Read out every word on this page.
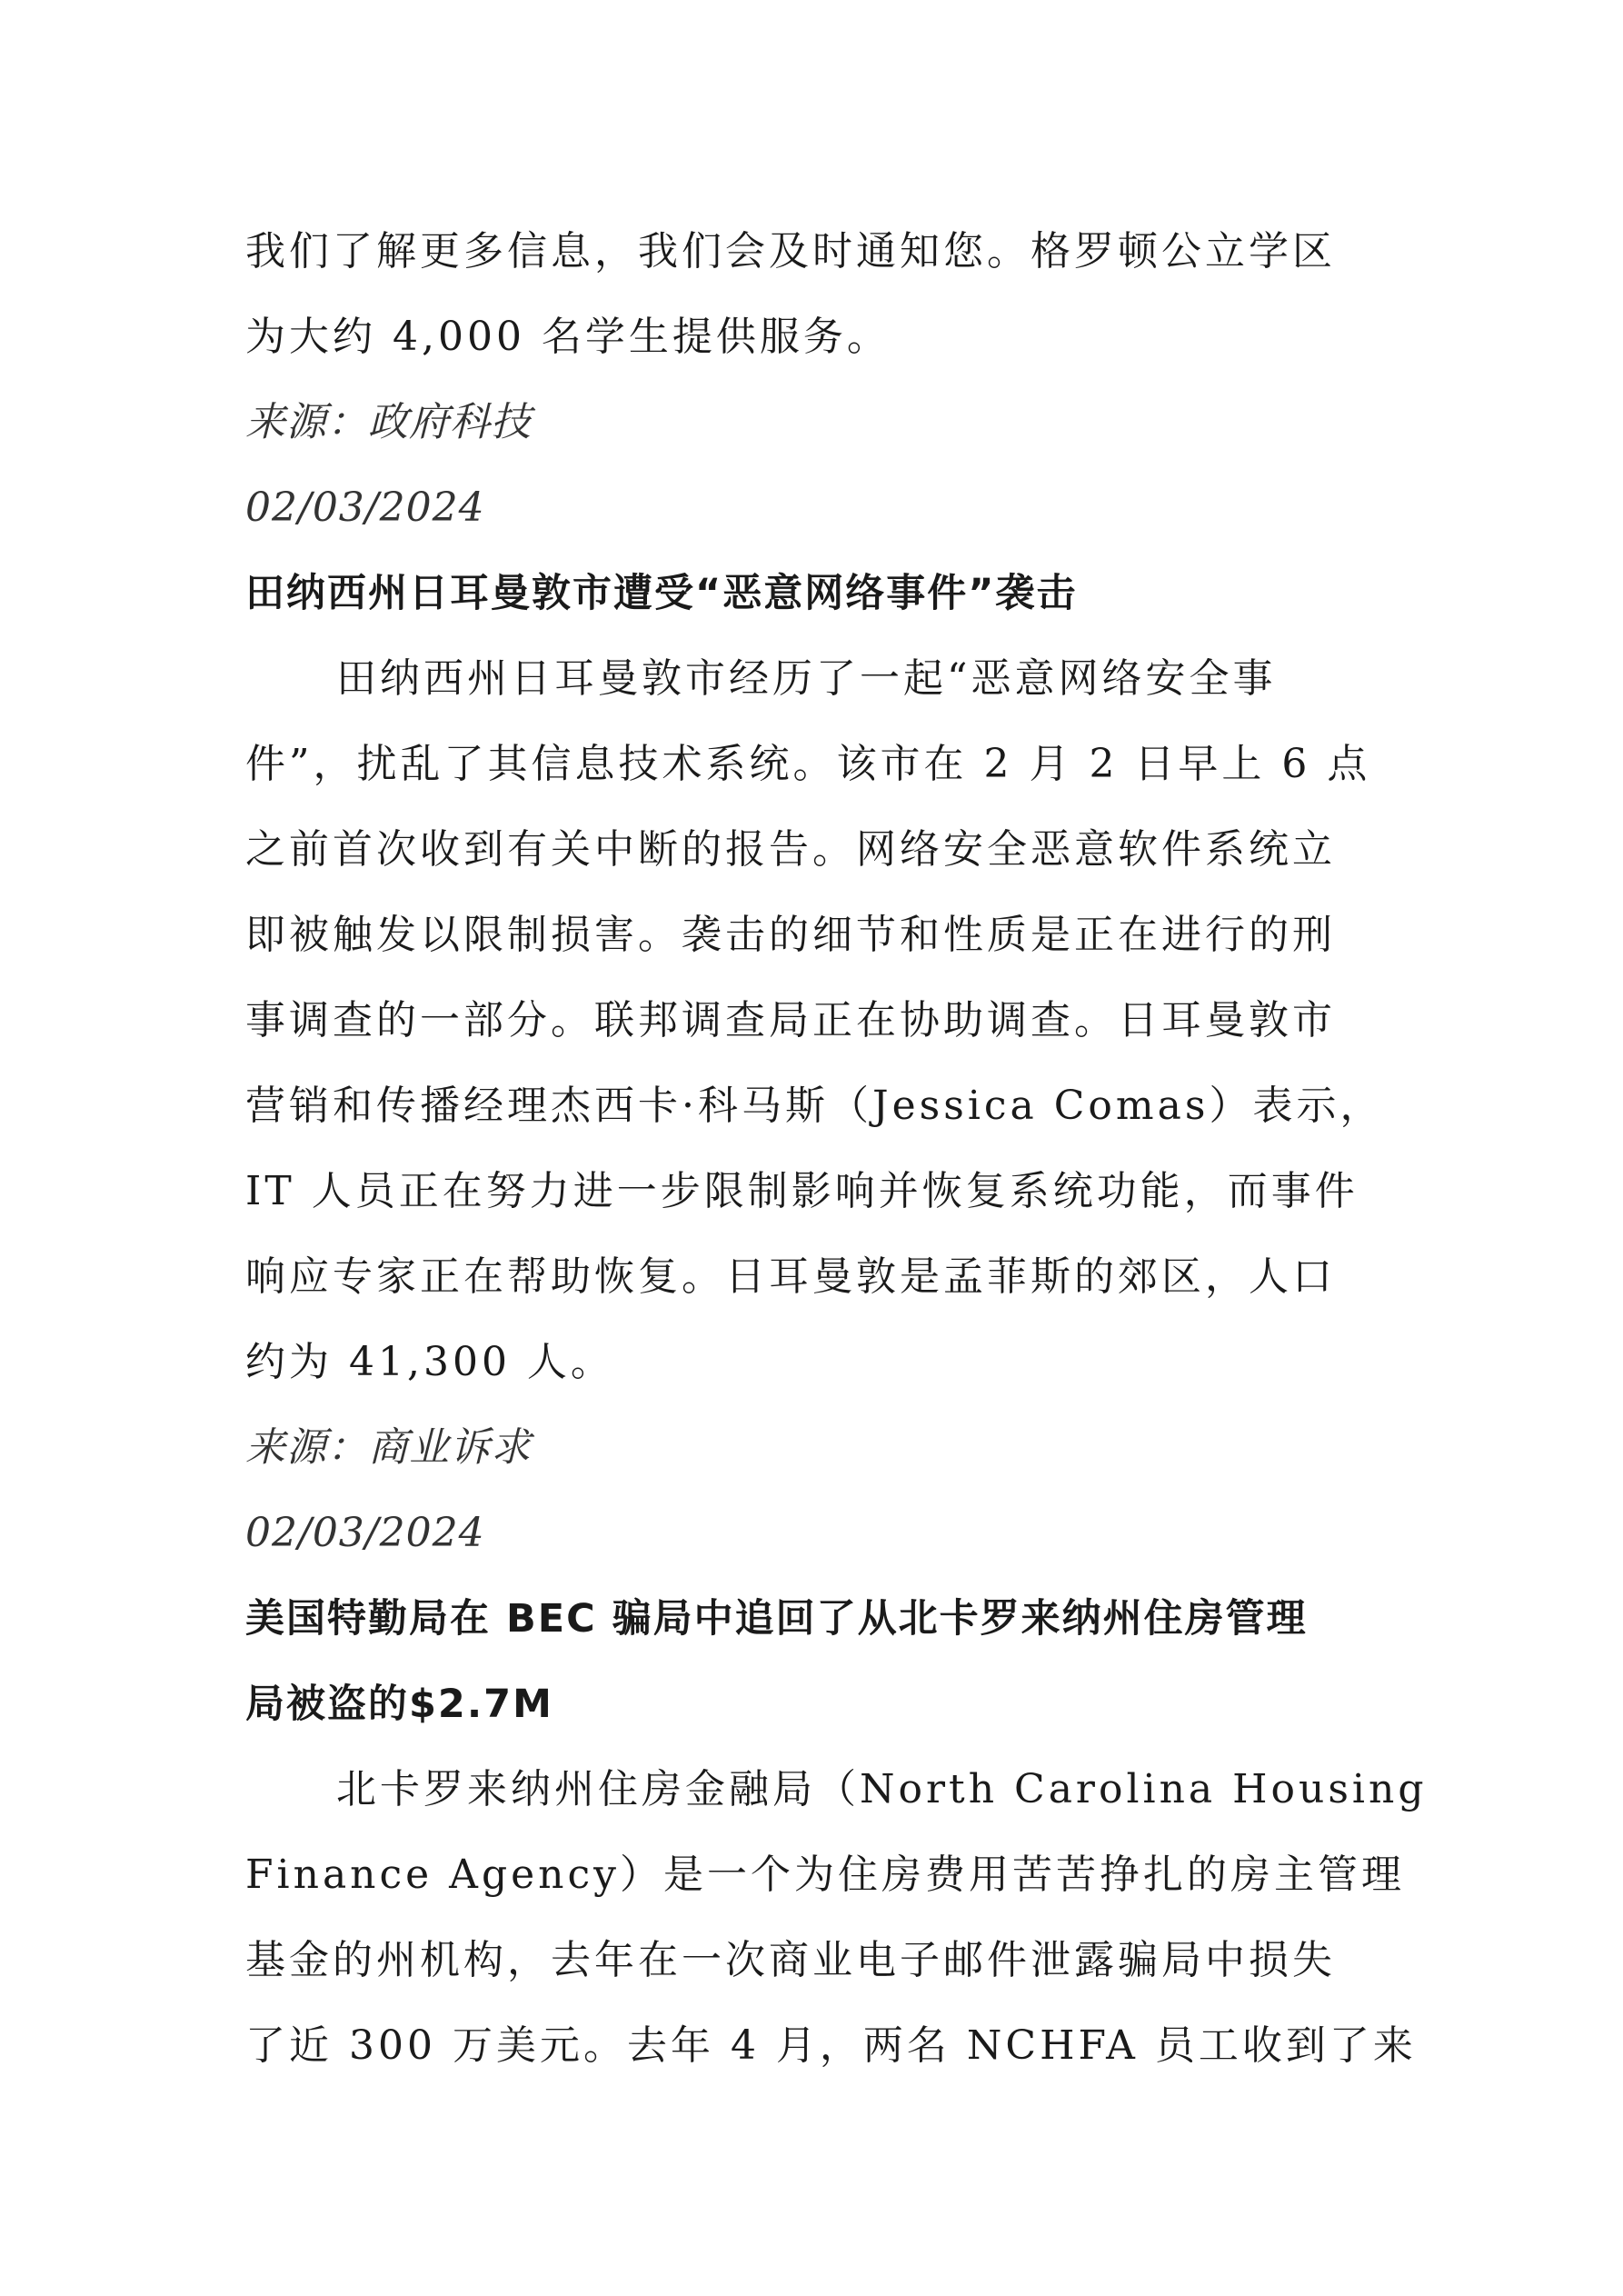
我们了解更多信息，我们会及时通知您。格罗顿公立学区
为大约 4,000 名学生提供服务。
来源：政府科技
02/03/2024
田纳西州日耳曼敦市遭受“恶意网络事件”袭击
田纳西州日耳曼敦市经历了一起“恶意网络安全事
件”，扰乱了其信息技术系统。该市在 2 月 2 日早上 6 点
之前首次收到有关中断的报告。网络安全恶意软件系统立
即被触发以限制损害。袭击的细节和性质是正在进行的刑
事调查的一部分。联邦调查局正在协助调查。日耳曼敦市
营销和传播经理杰西卡·科马斯（Jessica Comas）表示，
IT 人员正在努力进一步限制影响并恢复系统功能，而事件
响应专家正在帮助恢复。日耳曼敦是孟菲斯的郊区，人口
约为 41,300 人。
来源：商业诉求
02/03/2024
美国特勤局在 BEC 骗局中追回了从北卡罗来纳州住房管理
局被盗的$2.7M
北卡罗来纳州住房金融局（North Carolina Housing
Finance Agency）是一个为住房费用苦苦挣扎的房主管理
基金的州机构，去年在一次商业电子邮件泄露骗局中损失
了近 300 万美元。去年 4 月，两名 NCHFA 员工收到了来
